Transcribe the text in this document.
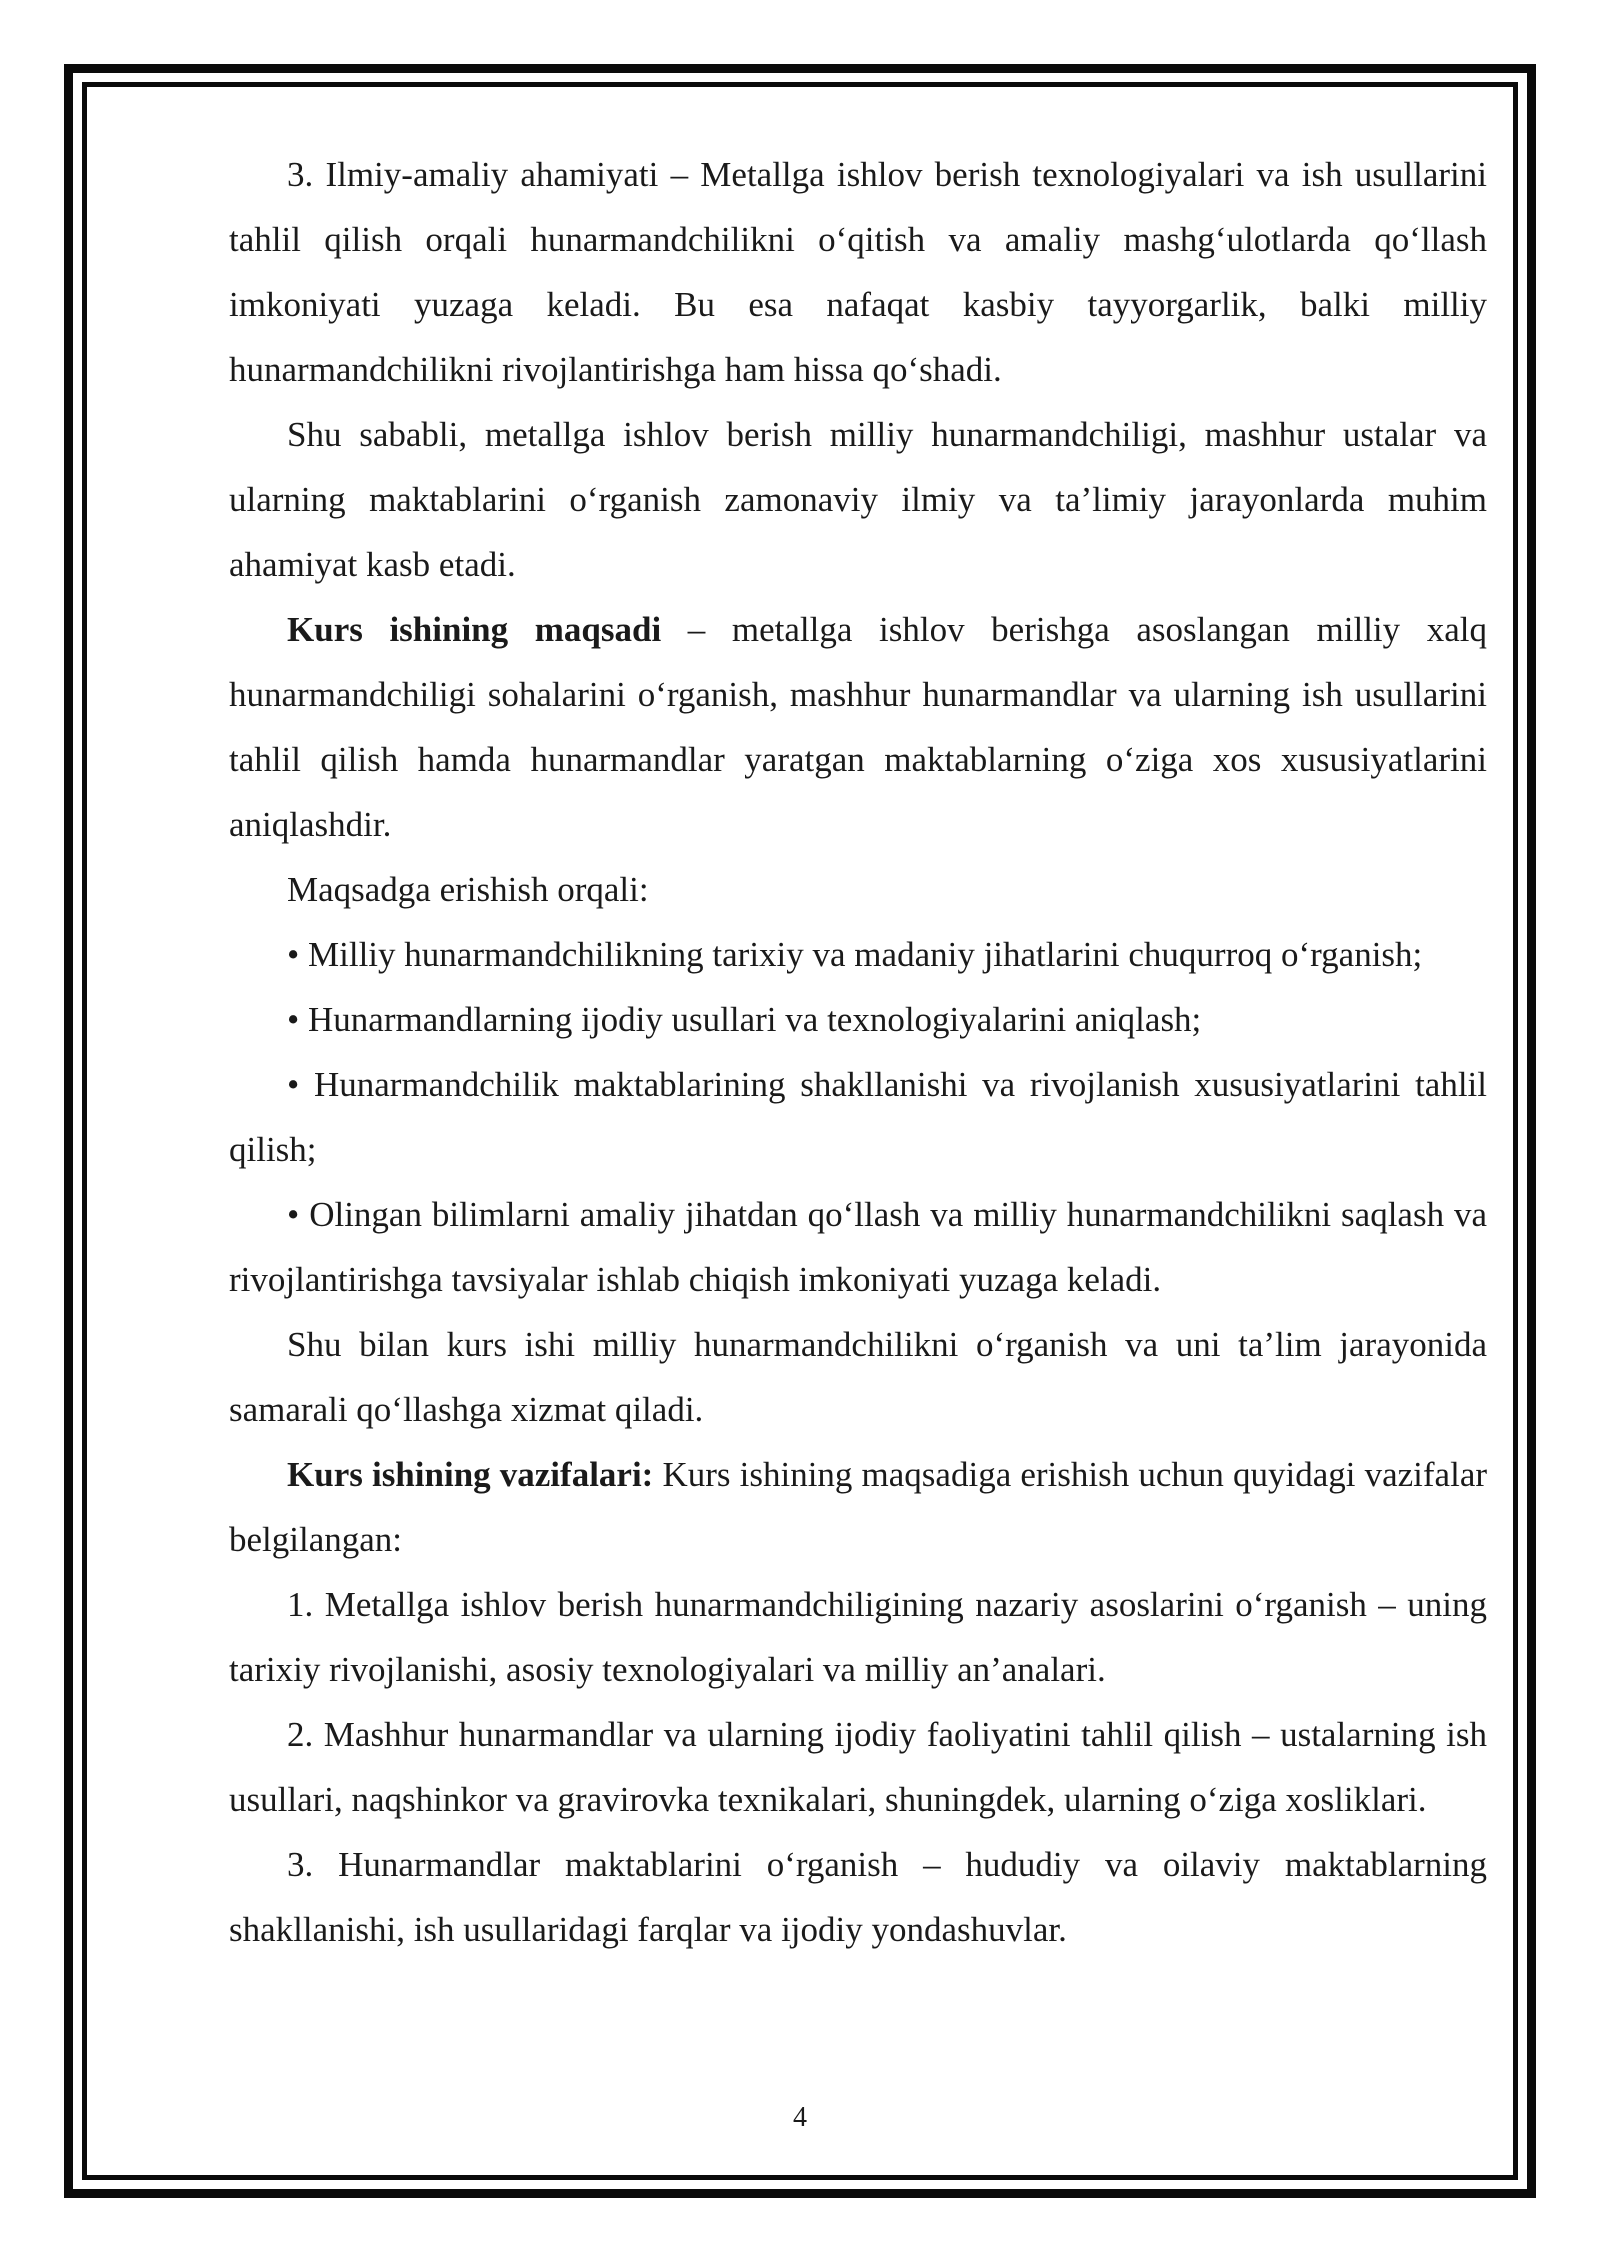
3. Ilmiy-amaliy ahamiyati – Metallga ishlov berish texnologiyalari va ish usullarini tahlil qilish orqali hunarmandchilikni o‘qitish va amaliy mashg‘ulotlarda qo‘llash imkoniyati yuzaga keladi. Bu esa nafaqat kasbiy tayyorgarlik, balki milliy hunarmandchilikni rivojlantirishga ham hissa qo‘shadi.

Shu sababli, metallga ishlov berish milliy hunarmandchiligi, mashhur ustalar va ularning maktablarini o‘rganish zamonaviy ilmiy va ta’limiy jarayonlarda muhim ahamiyat kasb etadi.

Kurs ishining maqsadi – metallga ishlov berishga asoslangan milliy xalq hunarmandchiligi sohalarini o‘rganish, mashhur hunarmandlar va ularning ish usullarini tahlil qilish hamda hunarmandlar yaratgan maktablarning o‘ziga xos xususiyatlarini aniqlashdir.

Maqsadga erishish orqali:

• Milliy hunarmandchilikning tarixiy va madaniy jihatlarini chuqurroq o‘rganish;

• Hunarmandlarning ijodiy usullari va texnologiyalarini aniqlash;

• Hunarmandchilik maktablarining shakllanishi va rivojlanish xususiyatlarini tahlil qilish;

• Olingan bilimlarni amaliy jihatdan qo‘llash va milliy hunarmandchilikni saqlash va rivojlantirishga tavsiyalar ishlab chiqish imkoniyati yuzaga keladi.

Shu bilan kurs ishi milliy hunarmandchilikni o‘rganish va uni ta’lim jarayonida samarali qo‘llashga xizmat qiladi.

Kurs ishining vazifalari: Kurs ishining maqsadiga erishish uchun quyidagi vazifalar belgilangan:

1. Metallga ishlov berish hunarmandchiligining nazariy asoslarini o‘rganish – uning tarixiy rivojlanishi, asosiy texnologiyalari va milliy an’analari.

2. Mashhur hunarmandlar va ularning ijodiy faoliyatini tahlil qilish – ustalarning ish usullari, naqshinkor va gravirovka texnikalari, shuningdek, ularning o‘ziga xosliklari.

3. Hunarmandlar maktablarini o‘rganish – hududiy va oilaviy maktablarning shakllanishi, ish usullaridagi farqlar va ijodiy yondashuvlar.

4
